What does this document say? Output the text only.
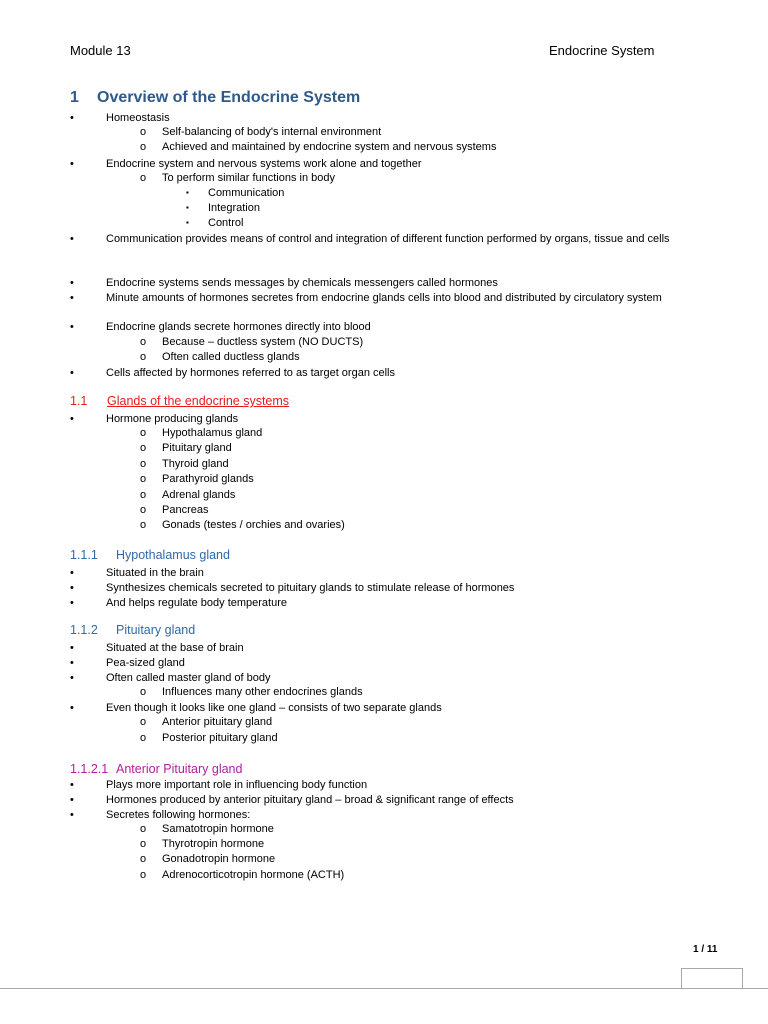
Module 13	Endocrine System
1 Overview of the Endocrine System
•	Homeostasis
o Self-balancing of body's internal environment
o Achieved and maintained by endocrine system and nervous systems
•	Endocrine system and nervous systems work alone and together
o To perform similar functions in body
▪ Communication
▪ Integration
▪ Control
•	Communication provides means of control and integration of different function performed by organs, tissue and cells
•	Endocrine systems sends messages by chemicals messengers called hormones
•	Minute amounts of hormones secretes from endocrine glands cells into blood and distributed by circulatory system
•	Endocrine glands secrete hormones directly into blood
o Because – ductless system (NO DUCTS)
o Often called ductless glands
•	Cells affected by hormones referred to as target organ cells
1.1 Glands of the endocrine systems
•	Hormone producing glands
o Hypothalamus gland
o Pituitary gland
o Thyroid gland
o Parathyroid glands
o Adrenal glands
o Pancreas
o Gonads (testes / orchies and ovaries)
1.1.1 Hypothalamus gland
•	Situated in the brain
•	Synthesizes chemicals secreted to pituitary glands to stimulate release of hormones
•	And helps regulate body temperature
1.1.2 Pituitary gland
•	Situated at the base of brain
•	Pea-sized gland
•	Often called master gland of body
o Influences many other endocrines glands
•	Even though it looks like one gland – consists of two separate glands
o Anterior pituitary gland
o Posterior pituitary gland
1.1.2.1 Anterior Pituitary gland
•	Plays more important role in influencing body function
•	Hormones produced by anterior pituitary gland – broad & significant range of effects
•	Secretes following hormones:
o Samatotropin hormone
o Thyrotropin hormone
o Gonadotropin hormone
o Adrenocorticotropin hormone (ACTH)
1 / 11
